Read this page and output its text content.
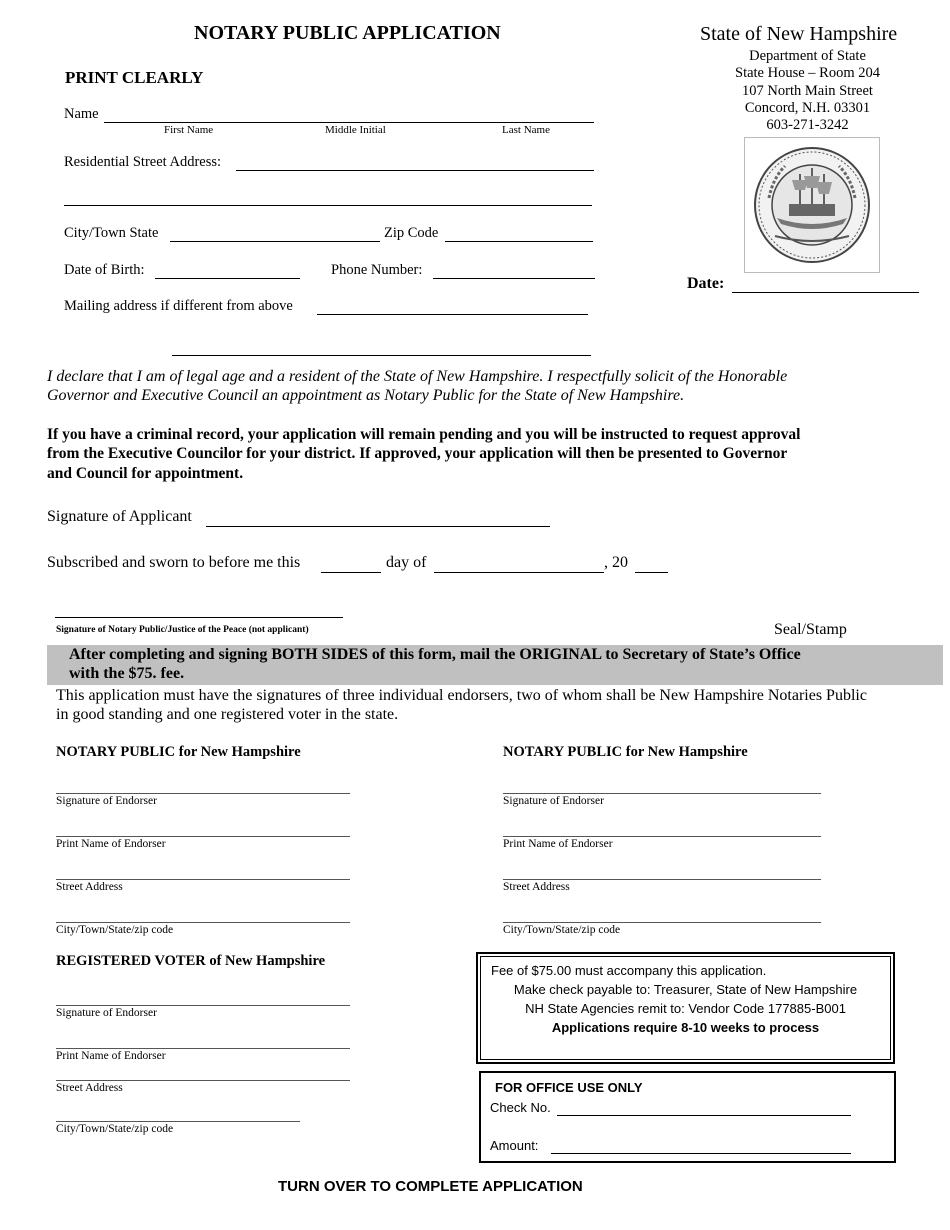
NOTARY PUBLIC APPLICATION
PRINT CLEARLY
State of New Hampshire
Department of State
State House – Room 204
107 North Main Street
Concord, N.H. 03301
603-271-3242
Date:
Name
First Name	Middle Initial	Last Name
Residential Street Address:
City/Town State	Zip Code
Date of Birth:	Phone Number:
Mailing address if different from above
I declare that I am of legal age and a resident of the State of New Hampshire. I respectfully solicit of the Honorable
Governor and Executive Council an appointment as Notary Public for the State of New Hampshire.
If you have a criminal record, your application will remain pending and you will be instructed to request approval
from the Executive Councilor for your district. If approved, your application will then be presented to Governor
and Council for appointment.
Signature of Applicant
Subscribed and sworn to before me this	day of	, 20
Signature of Notary Public/Justice of the Peace (not applicant)	Seal/Stamp
After completing and signing BOTH SIDES of this form, mail the ORIGINAL to Secretary of State’s Office
with the $75. fee.
This application must have the signatures of three individual endorsers, two of whom shall be New Hampshire Notaries Public
in good standing and one registered voter in the state.
NOTARY PUBLIC for New Hampshire
Signature of Endorser
Print Name of Endorser
Street Address
City/Town/State/zip code
NOTARY PUBLIC for New Hampshire
Signature of Endorser
Print Name of Endorser
Street Address
City/Town/State/zip code
REGISTERED VOTER of New Hampshire
Signature of Endorser
Print Name of Endorser
Street Address
City/Town/State/zip code
Fee of $75.00 must accompany this application.
Make check payable to: Treasurer, State of New Hampshire
NH State Agencies remit to: Vendor Code 177885-B001
Applications require 8-10 weeks to process
FOR OFFICE USE ONLY
Check No.
Amount:
TURN OVER TO COMPLETE APPLICATION
